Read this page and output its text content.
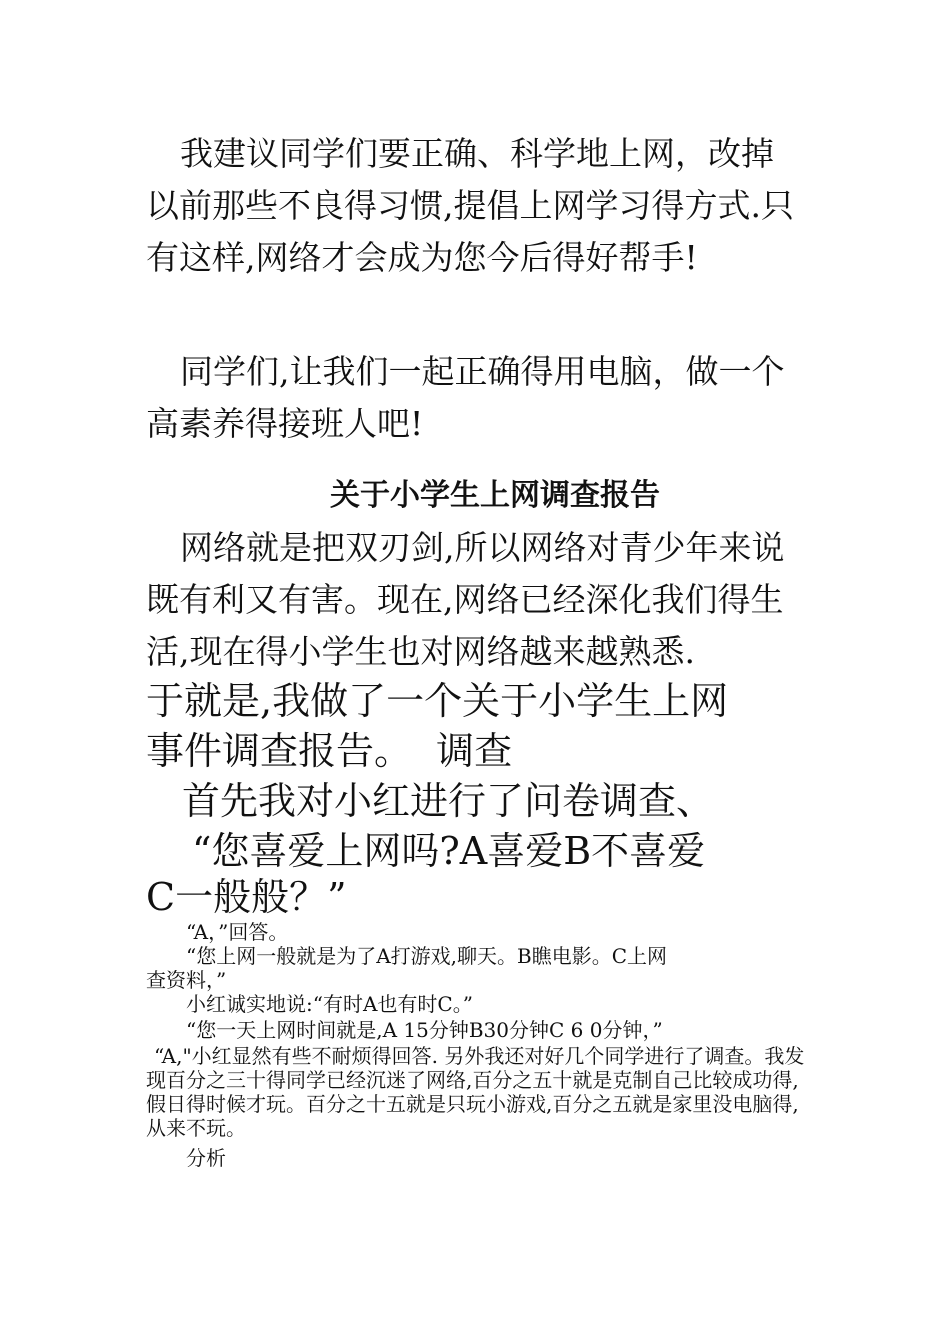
我建议同学们要正确、科学地上网，改掉以前那些不良得习惯,提倡上网学习得方式.只有这样,网络才会成为您今后得好帮手!

同学们,让我们一起正确得用电脑，做一个高素养得接班人吧!

关于小学生上网调查报告

网络就是把双刃剑,所以网络对青少年来说既有利又有害。现在,网络已经深化我们得生活,现在得小学生也对网络越来越熟悉.

于就是,我做了一个关于小学生上网

事件调查报告。  调查

首先我对小红进行了问卷调查、

“您喜爱上网吗?A喜爱B不喜爱

C一般般？”

“A，”回答。

“您上网一般就是为了A打游戏,聊天。B瞧电影。C上网

查资料，”

小红诚实地说:“有时A也有时C。”

“您一天上网时间就是,A 15分钟B30分钟C 6 0分钟，”

“A,"小红显然有些不耐烦得回答. 另外我还对好几个同学进行了调查。我发现百分之三十得同学已经沉迷了网络,百分之五十就是克制自己比较成功得,假日得时候才玩。百分之十五就是只玩小游戏,百分之五就是家里没电脑得,从来不玩。

分析
